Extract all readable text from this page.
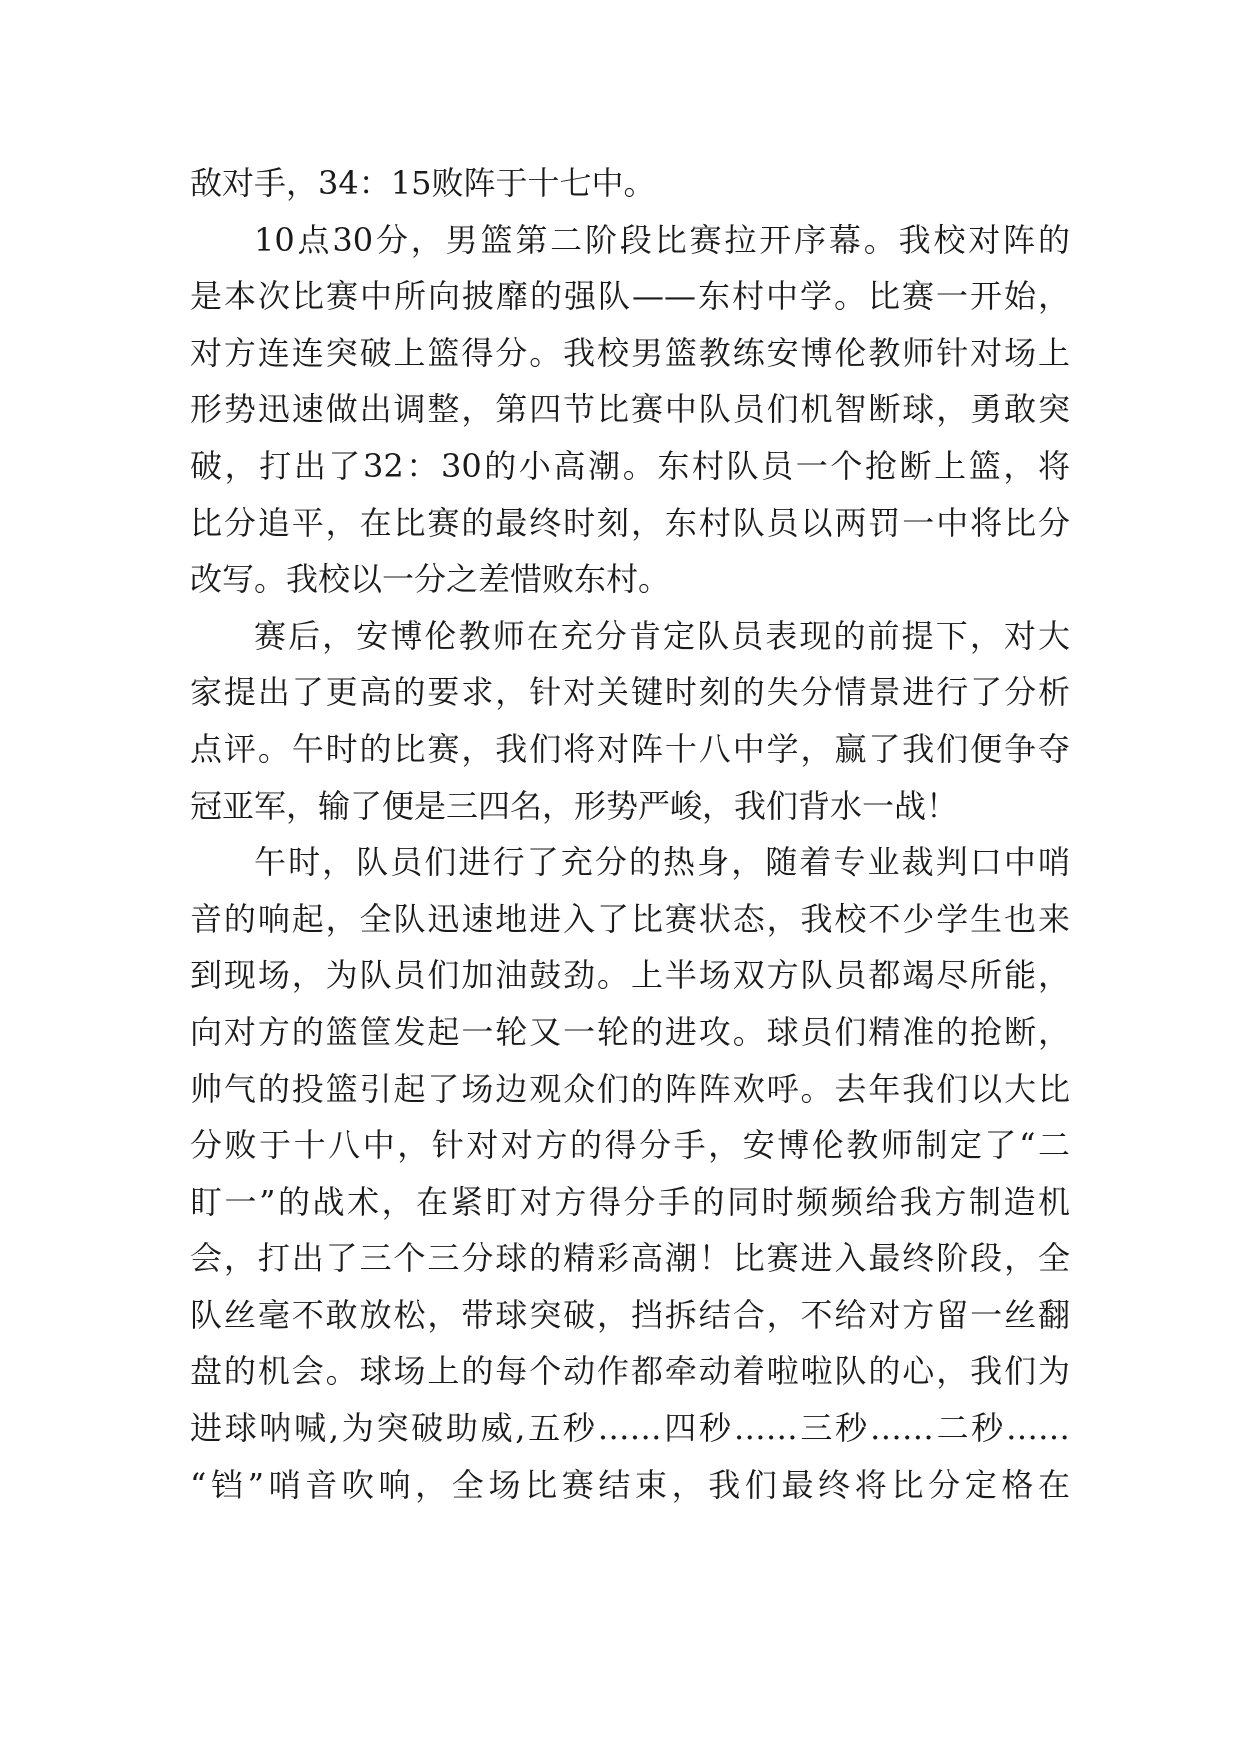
敌对手，34：15败阵于十七中。
10点30分，男篮第二阶段比赛拉开序幕。我校对阵的
是本次比赛中所向披靡的强队——东村中学。比赛一开始，
对方连连突破上篮得分。我校男篮教练安博伦教师针对场上
形势迅速做出调整，第四节比赛中队员们机智断球，勇敢突
破，打出了32：30的小高潮。东村队员一个抢断上篮，将
比分追平，在比赛的最终时刻，东村队员以两罚一中将比分
改写。我校以一分之差惜败东村。
赛后，安博伦教师在充分肯定队员表现的前提下，对大
家提出了更高的要求，针对关键时刻的失分情景进行了分析
点评。午时的比赛，我们将对阵十八中学，赢了我们便争夺
冠亚军，输了便是三四名，形势严峻，我们背水一战！
午时，队员们进行了充分的热身，随着专业裁判口中哨
音的响起，全队迅速地进入了比赛状态，我校不少学生也来
到现场，为队员们加油鼓劲。上半场双方队员都竭尽所能，
向对方的篮筐发起一轮又一轮的进攻。球员们精准的抢断，
帅气的投篮引起了场边观众们的阵阵欢呼。去年我们以大比
分败于十八中，针对对方的得分手，安博伦教师制定了“二
盯一”的战术，在紧盯对方得分手的同时频频给我方制造机
会，打出了三个三分球的精彩高潮！比赛进入最终阶段，全
队丝毫不敢放松，带球突破，挡拆结合，不给对方留一丝翻
盘的机会。球场上的每个动作都牵动着啦啦队的心，我们为
进球呐喊,为突破助威,五秒……四秒……三秒……二秒……
“铛”哨音吹响，全场比赛结束，我们最终将比分定格在
